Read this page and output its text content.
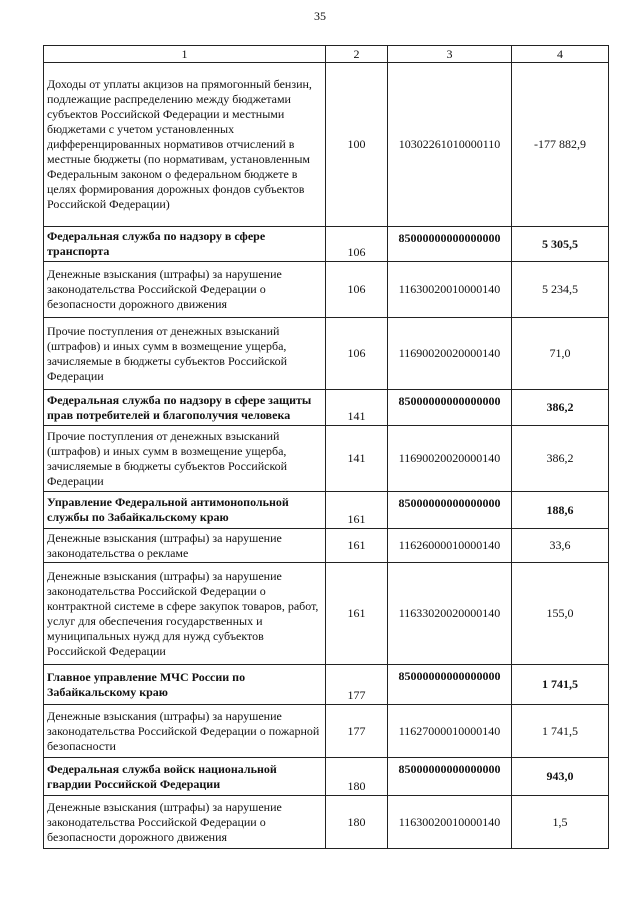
35
1	2	3	4
Доходы от уплаты акцизов на прямогонный бензин, подлежащие распределению между бюджетами субъектов Российской Федерации и местными бюджетами с учетом установленных дифференцированных нормативов отчислений в местные бюджеты (по нормативам, установленным Федеральным законом о федеральном бюджете в целях формирования дорожных фондов субъектов Российской Федерации)	100	10302261010000110	-177 882,9
Федеральная служба по надзору в сфере транспорта	106	85000000000000000	5 305,5
Денежные взыскания (штрафы) за нарушение законодательства Российской Федерации о безопасности дорожного движения	106	11630020010000140	5 234,5
Прочие поступления от денежных взысканий (штрафов) и иных сумм в возмещение ущерба, зачисляемые в бюджеты субъектов Российской Федерации	106	11690020020000140	71,0
Федеральная служба по надзору в сфере защиты прав потребителей и благополучия человека	141	85000000000000000	386,2
Прочие поступления от денежных взысканий (штрафов) и иных сумм в возмещение ущерба, зачисляемые в бюджеты субъектов Российской Федерации	141	11690020020000140	386,2
Управление Федеральной антимонопольной службы по Забайкальскому краю	161	85000000000000000	188,6
Денежные взыскания (штрафы) за нарушение законодательства о рекламе	161	11626000010000140	33,6
Денежные взыскания (штрафы) за нарушение законодательства Российской Федерации о контрактной системе в сфере закупок товаров, работ, услуг для обеспечения государственных и муниципальных нужд для нужд субъектов Российской Федерации	161	11633020020000140	155,0
Главное управление МЧС России по Забайкальскому краю	177	85000000000000000	1 741,5
Денежные взыскания (штрафы) за нарушение законодательства Российской Федерации о пожарной безопасности	177	11627000010000140	1 741,5
Федеральная служба войск национальной гвардии Российской Федерации	180	85000000000000000	943,0
Денежные взыскания (штрафы) за нарушение законодательства Российской Федерации о безопасности дорожного движения	180	11630020010000140	1,5
